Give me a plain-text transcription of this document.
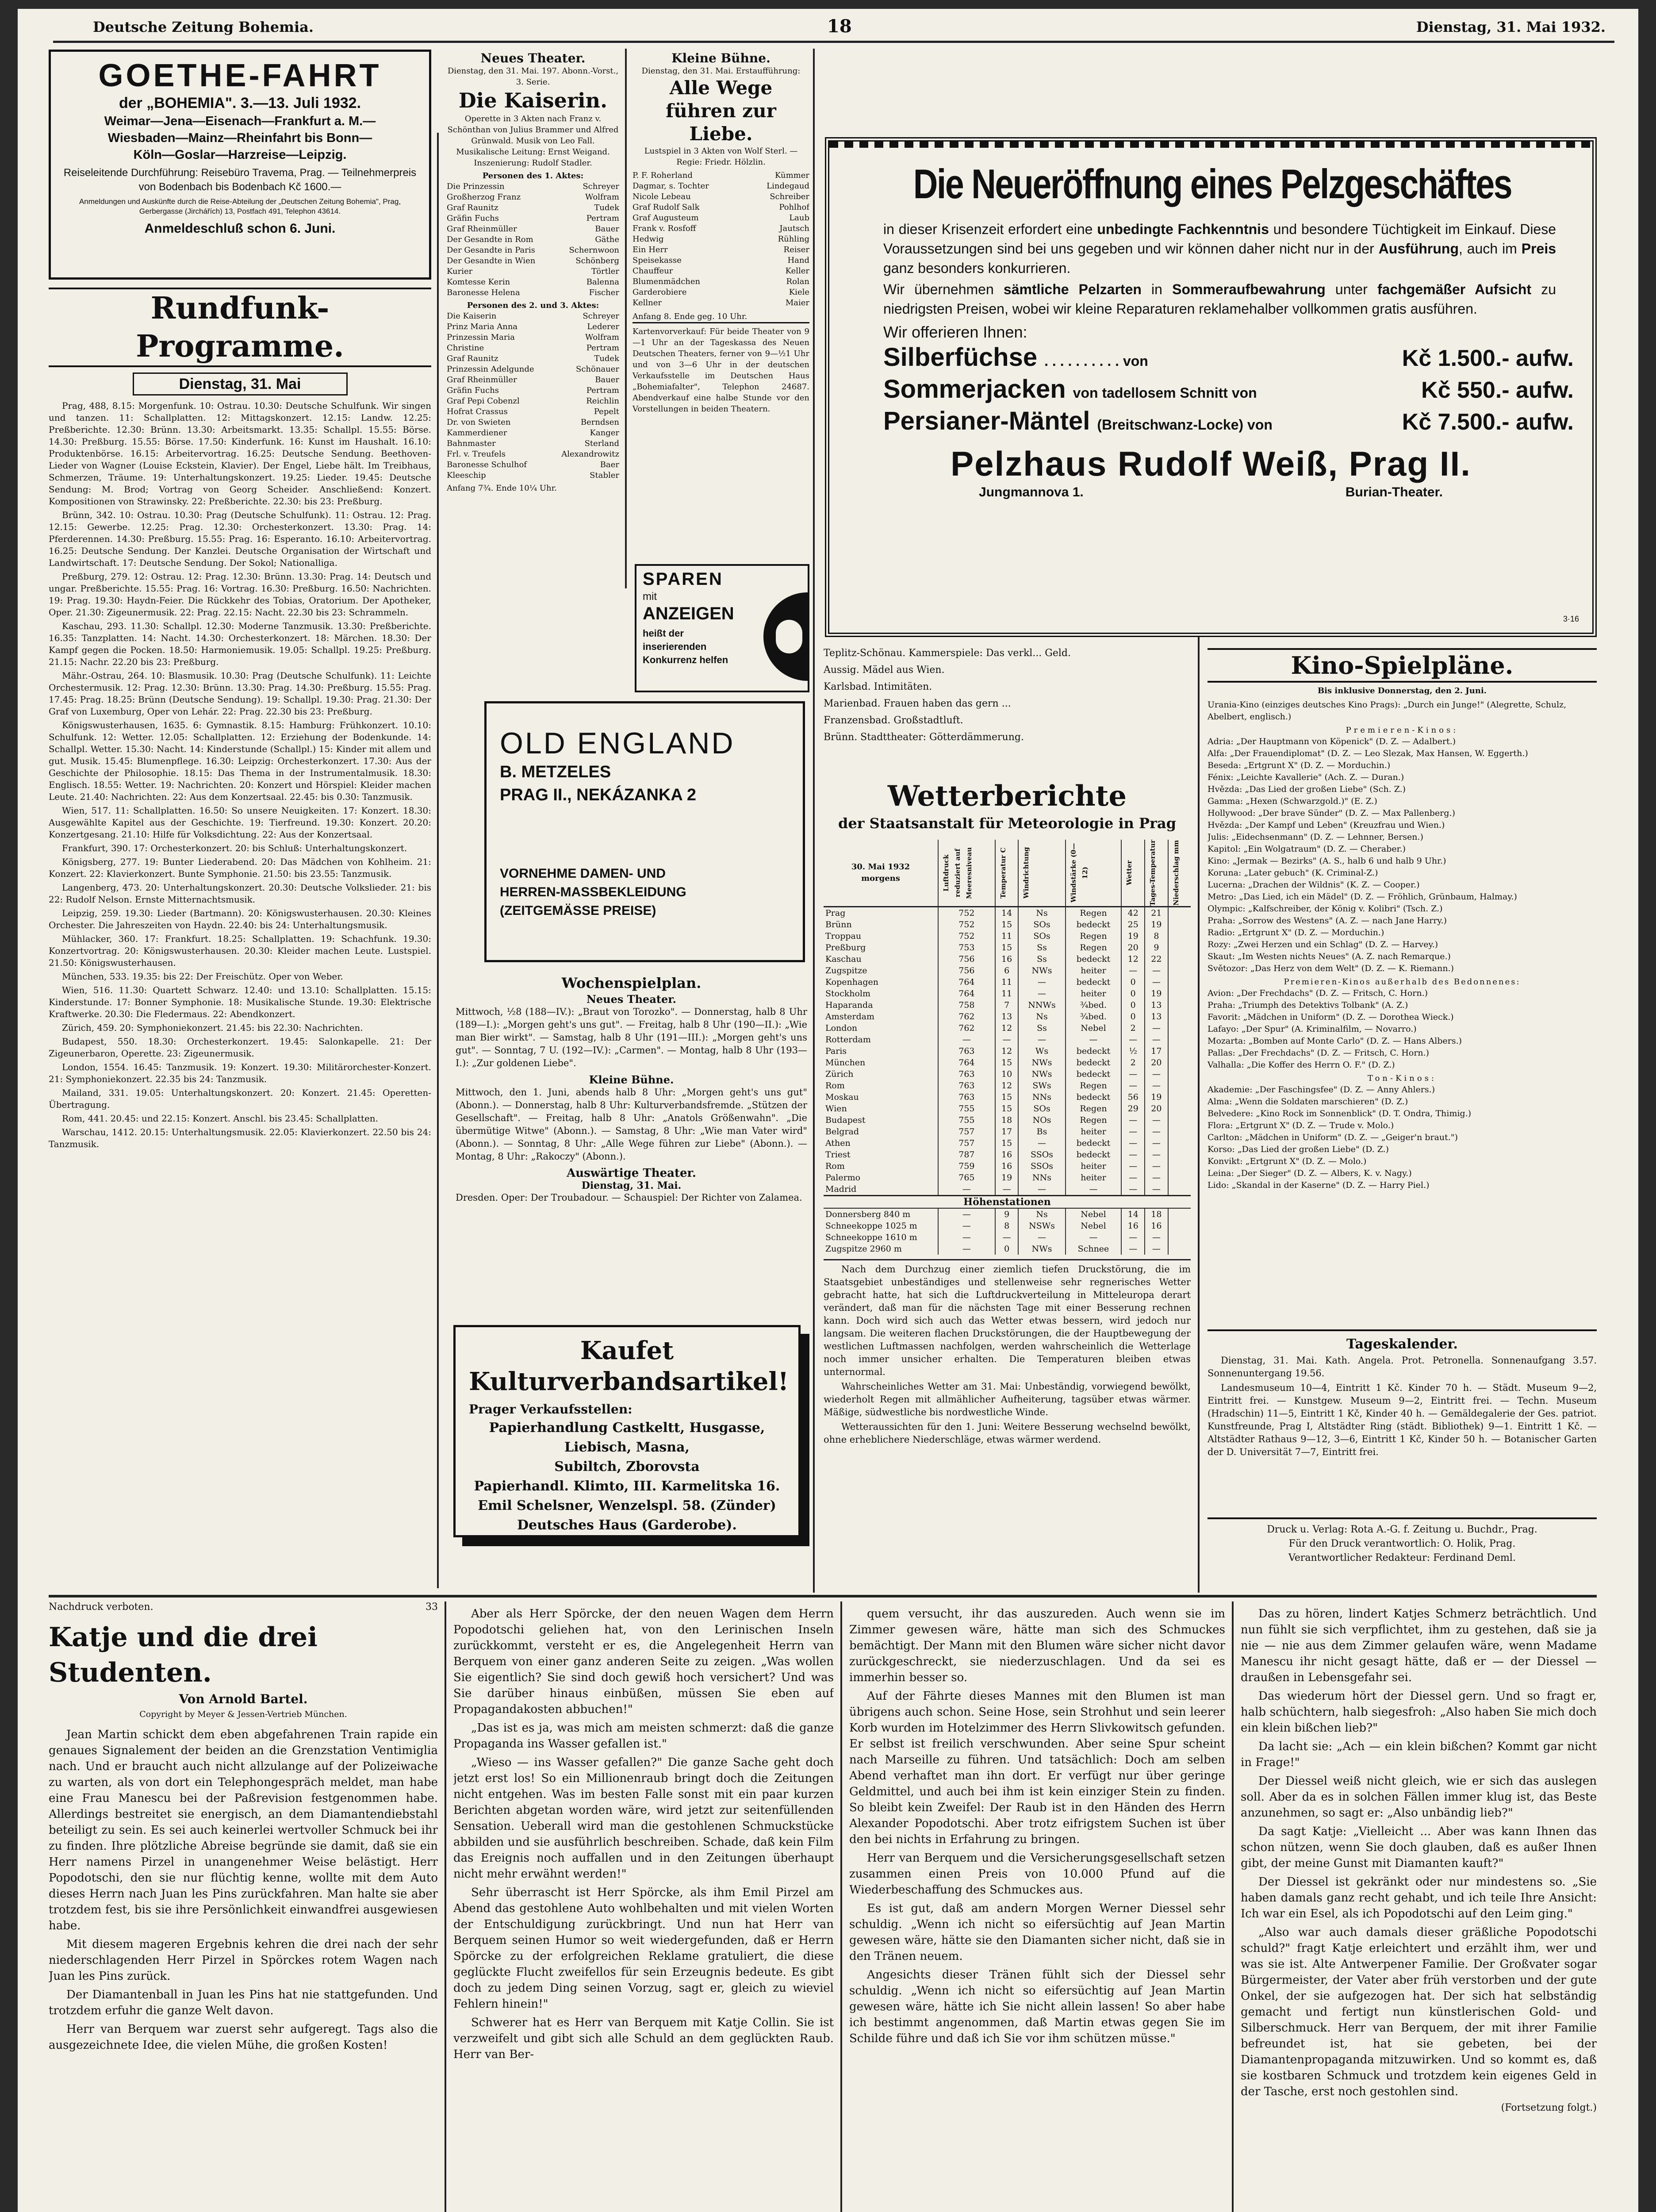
Deutsche Zeitung Bohemia.	18	Dienstag, 31. Mai 1932.
GOETHE-FAHRT
der „BOHEMIA". 3.—13. Juli 1932.
Weimar—Jena—Eisenach—Frankfurt a. M.—
Wiesbaden—Mainz—Rheinfahrt bis Bonn—
Köln—Goslar—Harzreise—Leipzig.
Reiseleitende Durchführung: Reisebüro Travema, Prag. — Teilnehmerpreis von Bodenbach bis Bodenbach Kč 1600.—
Anmeldungen und Auskünfte durch die Reise-Abteilung der „Deutschen Zeitung Bohemia", Prag, Gerbergasse (Jirchářích) 13, Postfach 491, Telephon 43614.
Anmeldeschluß schon 6. Juni.
Rundfunk-Programme.
Dienstag, 31. Mai

Prag, 488, 8.15: Morgenfunk. 10: Ostrau. 10.30: Deutsche Schulfunk. Wir singen und tanzen. 11: Schallplatten. 12: Mittagskonzert. 12.15: Landw. 12.25: Preßberichte. 12.30: Brünn. 13.30: Arbeitsmarkt. 13.35: Schallpl. 15.55: Börse. 14.30: Preßburg. 15.55: Börse. 17.50: Kinderfunk. 16: Kunst im Haushalt. 16.10: Produktenbörse. 16.15: Arbeitervortrag. 16.25: Deutsche Sendung. Beethoven-Lieder von Wagner (Louise Eckstein, Klavier). Der Engel, Liebe hält. Im Treibhaus, Schmerzen, Träume. 19: Unterhaltungskonzert. 19.25: Lieder. 19.45: Deutsche Sendung: M. Brod; Vortrag von Georg Scheider. Anschließend: Konzert. Kompositionen von Strawinsky. 22: Preßberichte. 22.30: bis 23: Preßburg.

Brünn, 342. 10: Ostrau. 10.30: Prag (Deutsche Schulfunk). 11: Ostrau. 12: Prag. 12.15: Gewerbe. 12.25: Prag. 12.30: Orchesterkonzert. 13.30: Prag. 14: Pferderennen. 14.30: Preßburg. 15.55: Prag. 16: Esperanto. 16.10: Arbeitervortrag. 16.25: Deutsche Sendung. Der Kanzlei. Deutsche Organisation der Wirtschaft und Landwirtschaft. 17: Deutsche Sendung. Der Sokol; Nationalliga.

Preßburg, 279. 12: Ostrau. 12: Prag. 12.30: Brünn. 13.30: Prag. 14: Deutsch und ungar. Preßberichte. 15.55: Prag. 16: Vortrag. 16.30: Preßburg. 16.50: Nachrichten. 19: Prag. 19.30: Haydn-Feier. Die Rückkehr des Tobias, Oratorium. Der Apotheker, Oper. 21.30: Zigeunermusik. 22: Prag. 22.15: Nacht. 22.30 bis 23: Schrammeln.

Kaschau, 293. 11.30: Schallpl. 12.30: Moderne Tanzmusik. 13.30: Preßberichte. 16.35: Tanzplatten. 14: Nacht. 14.30: Orchesterkonzert. 18: Märchen. 18.30: Der Kampf gegen die Pocken. 18.50: Harmoniemusik. 19.05: Schallpl. 19.25: Preßburg. 21.15: Nachr. 22.20 bis 23: Preßburg.

Mähr.-Ostrau, 264. 10: Blasmusik. 10.30: Prag (Deutsche Schulfunk). 11: Leichte Orchestermusik. 12: Prag. 12.30: Brünn. 13.30: Prag. 14.30: Preßburg. 15.55: Prag. 17.45: Prag. 18.25: Brünn (Deutsche Sendung). 19: Schallpl. 19.30: Prag. 21.30: Der Graf von Luxemburg, Oper von Lehár. 22: Prag. 22.30 bis 23: Preßburg.

Königswusterhausen, 1635. 6: Gymnastik. 8.15: Hamburg: Frühkonzert. 10.10: Schulfunk. 12: Wetter. 12.05: Schallplatten. 12: Erziehung der Bodenkunde. 14: Schallpl. Wetter. 15.30: Nacht. 14: Kinderstunde (Schallpl.) 15: Kinder mit allem und gut. Musik. 15.45: Blumenpflege. 16.30: Leipzig: Orchesterkonzert. 17.30: Aus der Geschichte der Philosophie. 18.15: Das Thema in der Instrumentalmusik. 18.30: Englisch. 18.55: Wetter. 19: Nachrichten. 20: Konzert und Hörspiel: Kleider machen Leute. 21.40: Nachrichten. 22: Aus dem Konzertsaal. 22.45: bis 0.30: Tanzmusik.

Wien, 517. 11: Schallplatten. 16.50: So unsere Neuigkeiten. 17: Konzert. 18.30: Ausgewählte Kapitel aus der Geschichte. 19: Tierfreund. 19.30: Konzert. 20.20: Konzertgesang. 21.10: Hilfe für Volksdichtung. 22: Aus der Konzertsaal.

Frankfurt, 390. 17: Orchesterkonzert. 20: bis Schluß: Unterhaltungskonzert.

Königsberg, 277. 19: Bunter Liederabend. 20: Das Mädchen von Kohlheim. 21: Konzert. 22: Klavierkonzert. Bunte Symphonie. 21.50: bis 23.55: Tanzmusik.

Langenberg, 473. 20: Unterhaltungskonzert. 20.30: Deutsche Volkslieder. 21: bis 22: Rudolf Nelson. Ernste Mitternachtsmusik.

Leipzig, 259. 19.30: Lieder (Bartmann). 20: Königswusterhausen. 20.30: Kleines Orchester. Die Jahreszeiten von Haydn. 22.40: bis 24: Unterhaltungsmusik.

Mühlacker, 360. 17: Frankfurt. 18.25: Schallplatten. 19: Schachfunk. 19.30: Konzertvortrag. 20: Königswusterhausen. 20.30: Kleider machen Leute. Lustspiel. 21.50: Königswusterhausen.

München, 533. 19.35: bis 22: Der Freischütz. Oper von Weber.

Wien, 516. 11.30: Quartett Schwarz. 12.40: und 13.10: Schallplatten. 15.15: Kinderstunde. 17: Bonner Symphonie. 18: Musikalische Stunde. 19.30: Elektrische Kraftwerke. 20.30: Die Fledermaus. 22: Abendkonzert.

Zürich, 459. 20: Symphoniekonzert. 21.45: bis 22.30: Nachrichten.

Budapest, 550. 18.30: Orchesterkonzert. 19.45: Salonkapelle. 21: Der Zigeunerbaron, Operette. 23: Zigeunermusik.

London, 1554. 16.45: Tanzmusik. 19: Konzert. 19.30: Militärorchester-Konzert. 21: Symphoniekonzert. 22.35 bis 24: Tanzmusik.

Mailand, 331. 19.05: Unterhaltungskonzert. 20: Konzert. 21.45: Operetten-Übertragung.

Rom, 441. 20.45: und 22.15: Konzert. Anschl. bis 23.45: Schallplatten.

Warschau, 1412. 20.15: Unterhaltungsmusik. 22.05: Klavierkonzert. 22.50 bis 24: Tanzmusik.

Neues Theater.
Dienstag, den 31. Mai. 197. Abonn.-Vorst., 3. Serie.
Die Kaiserin.
Operette in 3 Akten nach Franz v. Schönthan von Julius Brammer und Alfred Grünwald. Musik von Leo Fall. Musikalische Leitung: Ernst Weigand. Inszenierung: Rudolf Stadler.
Personen des 1. Aktes:
Die Prinzessin	Schreyer
Großherzog Franz	Wolfram
Graf Raunitz	Tudek
Gräfin Fuchs	Pertram
Graf Rheinmüller	Bauer
Der Gesandte in Rom	Gäthe
Der Gesandte in Paris	Schernwoon
Der Gesandte in Wien	Schönberg
Kurier	Törtler
Komtesse Kerin	Balenna
Baronesse Helena	Fischer
Personen des 2. und 3. Aktes:
Die Kaiserin	Schreyer
Prinz Maria Anna	Lederer
Prinzessin Maria	Wolfram
Christine	Pertram
Graf Raunitz	Tudek
Prinzessin Adelgunde	Schönauer
Graf Rheinmüller	Bauer
Gräfin Fuchs	Pertram
Graf Pepi Cobenzl	Reichlin
Hofrat Crassus	Pepelt
Dr. von Swieten	Berndsen
Kammerdiener	Kanger
Bahnmaster	Sterland
Frl. v. Treufels	Alexandrowitz
Baronesse Schulhof	Baer
Kleeschip	Stabler
Anfang 7¾. Ende 10¼ Uhr.
Kleine Bühne.
Dienstag, den 31. Mai. Erstaufführung:
Alle Wege führen zur Liebe.
Lustspiel in 3 Akten von Wolf Sterl. — Regie: Friedr. Hölzlin.
P. F. Roherland	Kümmer
Dagmar, s. Tochter	Lindegaud
Nicole Lebeau	Schreiber
Graf Rudolf Salk	Pohlhof
Graf Augusteum	Laub
Frank v. Rosfoff	Jautsch
Hedwig	Rühling
Ein Herr	Reiser
Speisekasse	Hand
Chauffeur	Keller
Blumenmädchen	Rolan
Garderobiere	Kiele
Kellner	Maier
Anfang 8. Ende geg. 10 Uhr.
Kartenvorverkauf: Für beide Theater von 9—1 Uhr an der Tageskassa des Neuen Deutschen Theaters, ferner von 9—½1 Uhr und von 3—6 Uhr in der deutschen Verkaufsstelle im Deutschen Haus „Bohemiafalter", Telephon 24687. Abendverkauf eine halbe Stunde vor den Vorstellungen in beiden Theatern.
SPAREN
mit
ANZEIGEN
heißt der
inserierenden
Konkurrenz helfen
Die Neueröffnung eines Pelzgeschäftes
in dieser Krisenzeit erfordert eine unbedingte Fachkenntnis und besondere Tüchtigkeit im Einkauf. Diese Voraussetzungen sind bei uns gegeben und wir können daher nicht nur in der Ausführung, auch im Preis ganz besonders konkurrieren.
Wir übernehmen sämtliche Pelzarten in Sommeraufbewahrung unter fachgemäßer Aufsicht zu niedrigsten Preisen, wobei wir kleine Reparaturen reklamehalber vollkommen gratis ausführen.
Wir offerieren Ihnen:
Silberfüchse . . . . . . . . . . von	Kč 1.500.- aufw.
Sommerjacken von tadellosem Schnitt von	Kč 550.- aufw.
Persianer-Mäntel (Breitschwanz-Locke) von	Kč 7.500.- aufw.
Pelzhaus Rudolf Weiß, Prag II.
Jungmannova 1.	Burian-Theater.
3·16
OLD ENGLAND
B. METZELES
PRAG II., NEKÁZANKA 2
VORNEHME DAMEN- UND
HERREN-MASSBEKLEIDUNG
(ZEITGEMÄSSE PREISE)
Wochenspielplan.
Neues Theater.

Mittwoch, ½8 (188—IV.): „Braut von Torozko". — Donnerstag, halb 8 Uhr (189—I.): „Morgen geht's uns gut". — Freitag, halb 8 Uhr (190—II.): „Wie man Bier wirkt". — Samstag, halb 8 Uhr (191—III.): „Morgen geht's uns gut". — Sonntag, 7 U. (192—IV.): „Carmen". — Montag, halb 8 Uhr (193—I.): „Zur goldenen Liebe".

Kleine Bühne.

Mittwoch, den 1. Juni, abends halb 8 Uhr: „Morgen geht's uns gut" (Abonn.). — Donnerstag, halb 8 Uhr: Kulturverbandsfremde. „Stützen der Gesellschaft". — Freitag, halb 8 Uhr: „Anatols Größenwahn". „Die übermütige Witwe" (Abonn.). — Samstag, 8 Uhr: „Wie man Vater wird" (Abonn.). — Sonntag, 8 Uhr: „Alle Wege führen zur Liebe" (Abonn.). — Montag, 8 Uhr: „Rakoczy" (Abonn.).

Auswärtige Theater.
Dienstag, 31. Mai.

Dresden. Oper: Der Troubadour. — Schauspiel: Der Richter von Zalamea.

Kaufet Kulturverbandsartikel!
Prager Verkaufsstellen:
Papierhandlung Castkeltt, Husgasse,
Liebisch, Masna,
Subiltch, Zborovsta
Papierhandl. Klimto, III. Karmelitska 16.
Emil Schelsner, Wenzelspl. 58. (Zünder)
Deutsches Haus (Garderobe).

Teplitz-Schönau. Kammerspiele: Das verkl... Geld.

Aussig. Mädel aus Wien.

Karlsbad. Intimitäten.

Marienbad. Frauen haben das gern ...

Franzensbad. Großstadtluft.

Brünn. Stadttheater: Götterdämmerung.

Wetterberichte
der Staatsanstalt für Meteorologie in Prag
30. Mai 1932
morgens	Luftdruck reduziert auf Meeresniveau	Temperatur C	Windrichtung	Windstärke (0—12)	Wetter	Tages-Temperatur	Niederschlag mm

Prag	752	14	Ns	Regen	42	21	
Brünn	752	15	SOs	bedeckt	25	19	
Troppau	752	11	SOs	Regen	19	8	
Preßburg	753	15	Ss	Regen	20	9	
Kaschau	756	16	Ss	bedeckt	12	22	
Zugspitze	756	6	NWs	heiter	—	—	
Kopenhagen	764	11	—	bedeckt	0	—	
Stockholm	764	11	—	heiter	0	19	
Haparanda	758	7	NNWs	¾bed.	0	13	
Amsterdam	762	13	Ns	¾bed.	0	13	
London	762	12	Ss	Nebel	2	—	
Rotterdam	—	—	—	—	—	—	
Paris	763	12	Ws	bedeckt	½	17	
München	764	15	NWs	bedeckt	2	20	
Zürich	763	10	NWs	bedeckt	—	—	
Rom	763	12	SWs	Regen	—	—	
Moskau	763	15	NNs	bedeckt	56	19	
Wien	755	15	SOs	Regen	29	20	
Budapest	755	18	NOs	Regen	—	—	
Belgrad	757	17	Bs	heiter	—	—	
Athen	757	15	—	bedeckt	—	—	
Triest	787	16	SSOs	bedeckt	—	—	
Rom	759	16	SSOs	heiter	—	—	
Palermo	765	19	NNs	heiter	—	—	
Madrid	—	—	—	—	—	—	
Höhenstationen							
Donnersberg 840 m	—	9	Ns	Nebel	14	18	
Schneekoppe 1025 m	—	8	NSWs	Nebel	16	16	
Schneekoppe 1610 m	—	—	—	—	—	—	
Zugspitze 2960 m	—	0	NWs	Schnee	—	—	

Nach dem Durchzug einer ziemlich tiefen Druckstörung, die im Staatsgebiet unbeständiges und stellenweise sehr regnerisches Wetter gebracht hatte, hat sich die Luftdruckverteilung in Mitteleuropa derart verändert, daß man für die nächsten Tage mit einer Besserung rechnen kann. Doch wird sich auch das Wetter etwas bessern, wird jedoch nur langsam. Die weiteren flachen Druckstörungen, die der Hauptbewegung der westlichen Luftmassen nachfolgen, werden wahrscheinlich die Wetterlage noch immer unsicher erhalten. Die Temperaturen bleiben etwas unternormal.

Wahrscheinliches Wetter am 31. Mai: Unbeständig, vorwiegend bewölkt, wiederholt Regen mit allmählicher Aufheiterung, tagsüber etwas wärmer. Mäßige, südwestliche bis nordwestliche Winde.

Wetteraussichten für den 1. Juni: Weitere Besserung wechselnd bewölkt, ohne erheblichere Niederschläge, etwas wärmer werdend.

Kino-Spielpläne.
Bis inklusive Donnerstag, den 2. Juni.

Urania-Kino (einziges deutsches Kino Prags): „Durch ein Junge!" (Alegrette, Schulz, Abelbert, englisch.)

Premieren-Kinos:

Adria: „Der Hauptmann von Köpenick" (D. Z. — Adalbert.)

Alfa: „Der Frauendiplomat" (D. Z. — Leo Slezak, Max Hansen, W. Eggerth.)

Beseda: „Ertgrunt X" (D. Z. — Morduchin.)

Fénix: „Leichte Kavallerie" (Ach. Z. — Duran.)

Hvězda: „Das Lied der großen Liebe" (Sch. Z.)

Gamma: „Hexen (Schwarzgold.)" (E. Z.)

Hollywood: „Der brave Sünder" (D. Z. — Max Pallenberg.)

Hvězda: „Der Kampf und Leben" (Kreuzfrau und Wien.)

Julis: „Eidechsenmann" (D. Z. — Lehnner, Bersen.)

Kapitol: „Ein Wolgatraum" (D. Z. — Cheraber.)

Kino: „Jermak — Bezirks" (A. S., halb 6 und halb 9 Uhr.)

Koruna: „Later gebuch" (K. Criminal-Z.)

Lucerna: „Drachen der Wildnis" (K. Z. — Cooper.)

Metro: „Das Lied, ich ein Mädel" (D. Z. — Fröhlich, Grünbaum, Halmay.)

Olympic: „Kalfschreiber, der König v. Kolibri" (Tsch. Z.)

Praha: „Sorrow des Westens" (A. Z. — nach Jane Harry.)

Radio: „Ertgrunt X" (D. Z. — Morduchin.)

Rozy: „Zwei Herzen und ein Schlag" (D. Z. — Harvey.)

Skaut: „Im Westen nichts Neues" (A. Z. nach Remarque.)

Světozor: „Das Herz von dem Welt" (D. Z. — K. Riemann.)

Premieren-Kinos außerhalb des Bedonnenes:

Avion: „Der Frechdachs" (D. Z. — Fritsch, C. Horn.)

Praha: „Triumph des Detektivs Tolbank" (A. Z.)

Favorit: „Mädchen in Uniform" (D. Z. — Dorothea Wieck.)

Lafayo: „Der Spur" (A. Kriminalfilm, — Novarro.)

Mozarta: „Bomben auf Monte Carlo" (D. Z. — Hans Albers.)

Pallas: „Der Frechdachs" (D. Z. — Fritsch, C. Horn.)

Valhalla: „Die Koffer des Herrn O. F." (D. Z.)

Ton-Kinos:

Akademie: „Der Faschingsfee" (D. Z. — Anny Ahlers.)

Alma: „Wenn die Soldaten marschieren" (D. Z.)

Belvedere: „Kino Rock im Sonnenblick" (D. T. Ondra, Thimig.)

Flora: „Ertgrunt X" (D. Z. — Trude v. Molo.)

Carlton: „Mädchen in Uniform" (D. Z. — „Geiger'n braut.")

Korso: „Das Lied der großen Liebe" (D. Z.)

Konvikt: „Ertgrunt X" (D. Z. — Molo.)

Leina: „Der Sieger" (D. Z. — Albers, K. v. Nagy.)

Lido: „Skandal in der Kaserne" (D. Z. — Harry Piel.)

Tageskalender.

Dienstag, 31. Mai. Kath. Angela. Prot. Petronella. Sonnenaufgang 3.57. Sonnenuntergang 19.56.

Landesmuseum 10—4, Eintritt 1 Kč. Kinder 70 h. — Städt. Museum 9—2, Eintritt frei. — Kunstgew. Museum 9—2, Eintritt frei. — Techn. Museum (Hradschin) 11—5, Eintritt 1 Kč, Kinder 40 h. — Gemäldegalerie der Ges. patriot. Kunstfreunde, Prag I, Altstädter Ring (städt. Bibliothek) 9—1. Eintritt 1 Kč. — Altstädter Rathaus 9—12, 3—6, Eintritt 1 Kč, Kinder 50 h. — Botanischer Garten der D. Universität 7—7, Eintritt frei.

Druck u. Verlag: Rota A.-G. f. Zeitung u. Buchdr., Prag.
Für den Druck verantwortlich: O. Holik, Prag.
Verantwortlicher Redakteur: Ferdinand Deml.
Nachdruck verboten.	33
Katje und die drei Studenten.
Von Arnold Bartel.
Copyright by Meyer & Jessen-Vertrieb München.

Jean Martin schickt dem eben abgefahrenen Train rapide ein genaues Signalement der beiden an die Grenzstation Ventimiglia nach. Und er braucht auch nicht allzulange auf der Polizeiwache zu warten, als von dort ein Telephongespräch meldet, man habe eine Frau Manescu bei der Paßrevision festgenommen habe. Allerdings bestreitet sie energisch, an dem Diamantendiebstahl beteiligt zu sein. Es sei auch keinerlei wertvoller Schmuck bei ihr zu finden. Ihre plötzliche Abreise begründe sie damit, daß sie ein Herr namens Pirzel in unangenehmer Weise belästigt. Herr Popodotschi, den sie nur flüchtig kenne, wollte mit dem Auto dieses Herrn nach Juan les Pins zurückfahren. Man halte sie aber trotzdem fest, bis sie ihre Persönlichkeit einwandfrei ausgewiesen habe.

Mit diesem mageren Ergebnis kehren die drei nach der sehr niederschlagenden Herr Pirzel in Spörckes rotem Wagen nach Juan les Pins zurück.

Der Diamantenball in Juan les Pins hat nie stattgefunden. Und trotzdem erfuhr die ganze Welt davon.

Herr van Berquem war zuerst sehr aufgeregt. Tags also die ausgezeichnete Idee, die vielen Mühe, die großen Kosten!

Aber als Herr Spörcke, der den neuen Wagen dem Herrn Popodotschi geliehen hat, von den Lerinischen Inseln zurückkommt, versteht er es, die Angelegenheit Herrn van Berquem von einer ganz anderen Seite zu zeigen. „Was wollen Sie eigentlich? Sie sind doch gewiß hoch versichert? Und was Sie darüber hinaus einbüßen, müssen Sie eben auf Propagandakosten abbuchen!"

„Das ist es ja, was mich am meisten schmerzt: daß die ganze Propaganda ins Wasser gefallen ist."

„Wieso — ins Wasser gefallen?" Die ganze Sache geht doch jetzt erst los! So ein Millionenraub bringt doch die Zeitungen nicht entgehen. Was im besten Falle sonst mit ein paar kurzen Berichten abgetan worden wäre, wird jetzt zur seitenfüllenden Sensation. Ueberall wird man die gestohlenen Schmuckstücke abbilden und sie ausführlich beschreiben. Schade, daß kein Film das Ereignis noch auffallen und in den Zeitungen überhaupt nicht mehr erwähnt werden!"

Sehr überrascht ist Herr Spörcke, als ihm Emil Pirzel am Abend das gestohlene Auto wohlbehalten und mit vielen Worten der Entschuldigung zurückbringt. Und nun hat Herr van Berquem seinen Humor so weit wiedergefunden, daß er Herrn Spörcke zu der erfolgreichen Reklame gratuliert, die diese geglückte Flucht zweifellos für sein Erzeugnis bedeute. Es gibt doch zu jedem Ding seinen Vorzug, sagt er, gleich zu wieviel Fehlern hinein!"

Schwerer hat es Herr van Berquem mit Katje Collin. Sie ist verzweifelt und gibt sich alle Schuld an dem geglückten Raub. Herr van Ber-

quem versucht, ihr das auszureden. Auch wenn sie im Zimmer gewesen wäre, hätte man sich des Schmuckes bemächtigt. Der Mann mit den Blumen wäre sicher nicht davor zurückgeschreckt, sie niederzuschlagen. Und da sei es immerhin besser so.

Auf der Fährte dieses Mannes mit den Blumen ist man übrigens auch schon. Seine Hose, sein Strohhut und sein leerer Korb wurden im Hotelzimmer des Herrn Slivkowitsch gefunden. Er selbst ist freilich verschwunden. Aber seine Spur scheint nach Marseille zu führen. Und tatsächlich: Doch am selben Abend verhaftet man ihn dort. Er verfügt nur über geringe Geldmittel, und auch bei ihm ist kein einziger Stein zu finden. So bleibt kein Zweifel: Der Raub ist in den Händen des Herrn Alexander Popodotschi. Aber trotz eifrigstem Suchen ist über den bei nichts in Erfahrung zu bringen.

Herr van Berquem und die Versicherungsgesellschaft setzen zusammen einen Preis von 10.000 Pfund auf die Wiederbeschaffung des Schmuckes aus.

Es ist gut, daß am andern Morgen Werner Diessel sehr schuldig. „Wenn ich nicht so eifersüchtig auf Jean Martin gewesen wäre, hätte sie den Diamanten sicher nicht, daß sie in den Tränen neuem.

Angesichts dieser Tränen fühlt sich der Diessel sehr schuldig. „Wenn ich nicht so eifersüchtig auf Jean Martin gewesen wäre, hätte ich Sie nicht allein lassen! So aber habe ich bestimmt angenommen, daß Martin etwas gegen Sie im Schilde führe und daß ich Sie vor ihm schützen müsse."

Das zu hören, lindert Katjes Schmerz beträchtlich. Und nun fühlt sie sich verpflichtet, ihm zu gestehen, daß sie ja nie — nie aus dem Zimmer gelaufen wäre, wenn Madame Manescu ihr nicht gesagt hätte, daß er — der Diessel — draußen in Lebensgefahr sei.

Das wiederum hört der Diessel gern. Und so fragt er, halb schüchtern, halb siegesfroh: „Also haben Sie mich doch ein klein bißchen lieb?"

Da lacht sie: „Ach — ein klein bißchen? Kommt gar nicht in Frage!"

Der Diessel weiß nicht gleich, wie er sich das auslegen soll. Aber da es in solchen Fällen immer klug ist, das Beste anzunehmen, so sagt er: „Also unbändig lieb?"

Da sagt Katje: „Vielleicht ... Aber was kann Ihnen das schon nützen, wenn Sie doch glauben, daß es außer Ihnen gibt, der meine Gunst mit Diamanten kauft?"

Der Diessel ist gekränkt oder nur mindestens so. „Sie haben damals ganz recht gehabt, und ich teile Ihre Ansicht: Ich war ein Esel, als ich Popodotschi auf den Leim ging."

„Also war auch damals dieser gräßliche Popodotschi schuld?" fragt Katje erleichtert und erzählt ihm, wer und was sie ist. Alte Antwerpener Familie. Der Großvater sogar Bürgermeister, der Vater aber früh verstorben und der gute Onkel, der sie aufgezogen hat. Der sich hat selbständig gemacht und fertigt nun künstlerischen Gold- und Silberschmuck. Herr van Berquem, der mit ihrer Familie befreundet ist, hat sie gebeten, bei der Diamantenpropaganda mitzuwirken. Und so kommt es, daß sie kostbaren Schmuck und trotzdem kein eigenes Geld in der Tasche, erst noch gestohlen sind.

(Fortsetzung folgt.)
